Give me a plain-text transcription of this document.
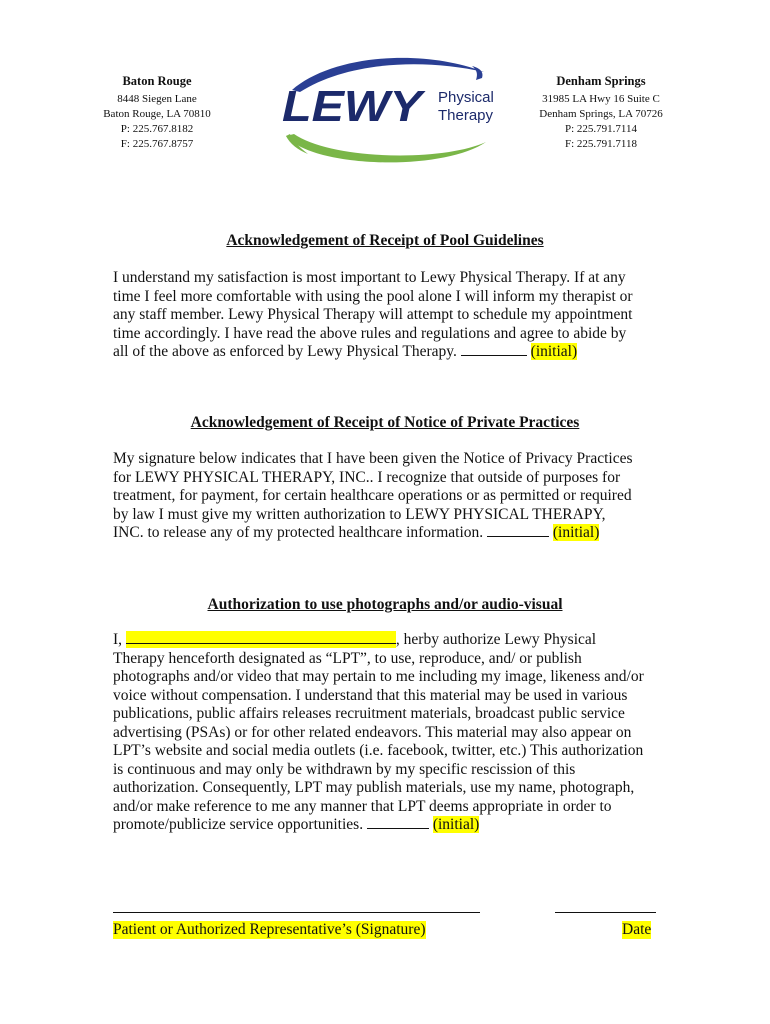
Baton Rouge
8448 Siegen Lane
Baton Rouge, LA 70810
P: 225.767.8182
F: 225.767.8757
LEWY Physical
Therapy
Denham Springs
31985 LA Hwy 16 Suite C
Denham Springs, LA 70726
P: 225.791.7114
F: 225.791.7118
Acknowledgement of Receipt of Pool Guidelines

I understand my satisfaction is most important to Lewy Physical Therapy. If at any
time I feel more comfortable with using the pool alone I will inform my therapist or
any staff member. Lewy Physical Therapy will attempt to schedule my appointment
time accordingly. I have read the above rules and regulations and agree to abide by
all of the above as enforced by Lewy Physical Therapy.	(initial)

Acknowledgement of Receipt of Notice of Private Practices

My signature below indicates that I have been given the Notice of Privacy Practices
for LEWY PHYSICAL THERAPY, INC.. I recognize that outside of purposes for
treatment, for payment, for certain healthcare operations or as permitted or required
by law I must give my written authorization to LEWY PHYSICAL THERAPY,
INC. to release any of my protected healthcare information.	(initial)

Authorization to use photographs and/or audio-visual

I,	, herby authorize Lewy Physical
Therapy henceforth designated as “LPT”, to use, reproduce, and/ or publish
photographs and/or video that may pertain to me including my image, likeness and/or
voice without compensation. I understand that this material may be used in various
publications, public affairs releases recruitment materials, broadcast public service
advertising (PSAs) or for other related endeavors. This material may also appear on
LPT’s website and social media outlets (i.e. facebook, twitter, etc.) This authorization
is continuous and may only be withdrawn by my specific rescission of this
authorization. Consequently, LPT may publish materials, use my name, photograph,
and/or make reference to me any manner that LPT deems appropriate in order to
promote/publicize service opportunities.	(initial)

Patient or Authorized Representative’s (Signature)	Date
